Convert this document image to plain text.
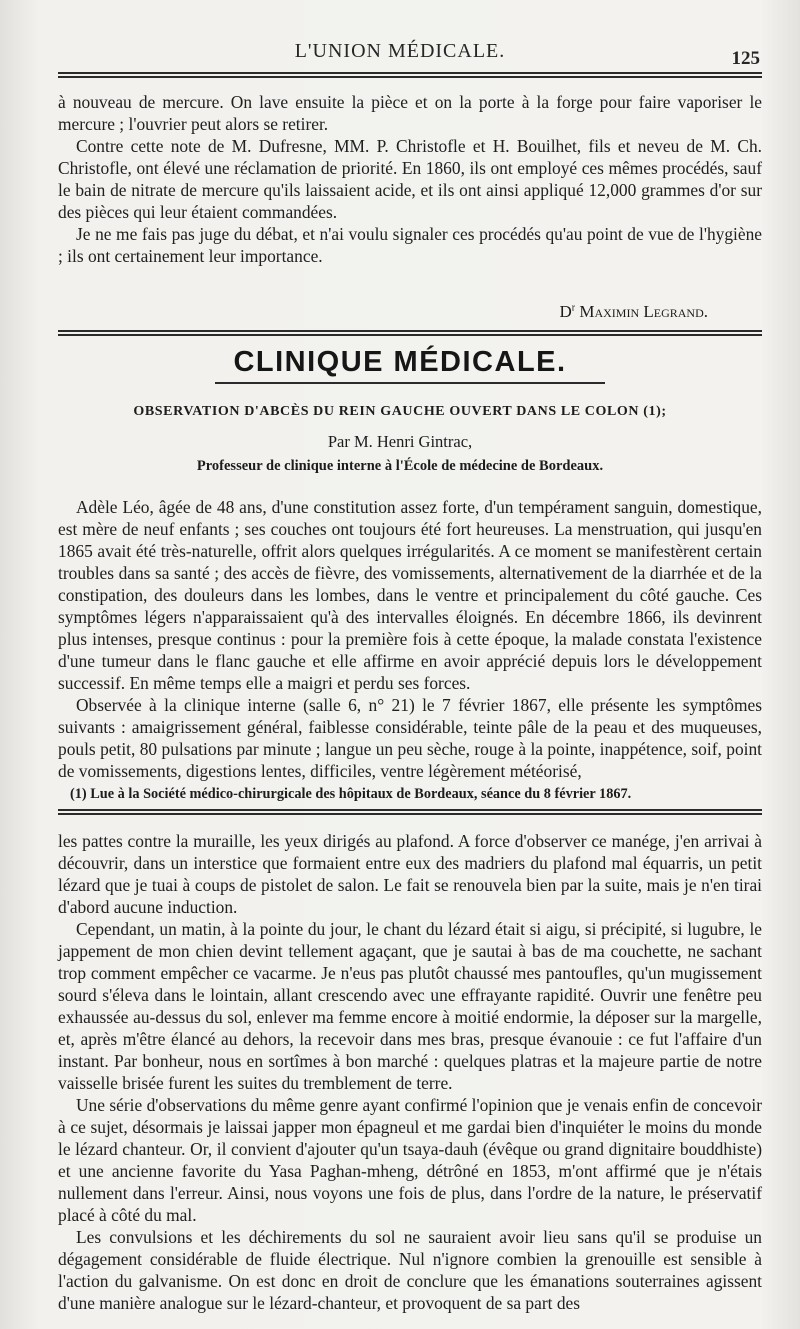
L'UNION MÉDICALE.	125

à nouveau de mercure. On lave ensuite la pièce et on la porte à la forge pour faire vaporiser le mercure ; l'ouvrier peut alors se retirer.

Contre cette note de M. Dufresne, MM. P. Christofle et H. Bouilhet, fils et neveu de M. Ch. Christofle, ont élevé une réclamation de priorité. En 1860, ils ont employé ces mêmes procédés, sauf le bain de nitrate de mercure qu'ils laissaient acide, et ils ont ainsi appliqué 12,000 grammes d'or sur des pièces qui leur étaient commandées.

Je ne me fais pas juge du débat, et n'ai voulu signaler ces procédés qu'au point de vue de l'hygiène ; ils ont certainement leur importance.

$D^r$ Maximin Legrand.
CLINIQUE MÉDICALE.
OBSERVATION D'ABCÈS DU REIN GAUCHE OUVERT DANS LE COLON (1);
Par M. Henri Gintrac,
Professeur de clinique interne à l'École de médecine de Bordeaux.

Adèle Léo, âgée de 48 ans, d'une constitution assez forte, d'un tempérament sanguin, domestique, est mère de neuf enfants ; ses couches ont toujours été fort heureuses. La menstruation, qui jusqu'en 1865 avait été très-naturelle, offrit alors quelques irrégularités. A ce moment se manifestèrent certain troubles dans sa santé ; des accès de fièvre, des vomissements, alternativement de la diarrhée et de la constipation, des douleurs dans les lombes, dans le ventre et principalement du côté gauche. Ces symptômes légers n'apparaissaient qu'à des intervalles éloignés. En décembre 1866, ils devinrent plus intenses, presque continus : pour la première fois à cette époque, la malade constata l'existence d'une tumeur dans le flanc gauche et elle affirme en avoir apprécié depuis lors le développement successif. En même temps elle a maigri et perdu ses forces.

Observée à la clinique interne (salle 6, n° 21) le 7 février 1867, elle présente les symptômes suivants : amaigrissement général, faiblesse considérable, teinte pâle de la peau et des muqueuses, pouls petit, 80 pulsations par minute ; langue un peu sèche, rouge à la pointe, inappétence, soif, point de vomissements, digestions lentes, difficiles, ventre légèrement météorisé,

(1) Lue à la Société médico-chirurgicale des hôpitaux de Bordeaux, séance du 8 février 1867.

les pattes contre la muraille, les yeux dirigés au plafond. A force d'observer ce manége, j'en arrivai à découvrir, dans un interstice que formaient entre eux des madriers du plafond mal équarris, un petit lézard que je tuai à coups de pistolet de salon. Le fait se renouvela bien par la suite, mais je n'en tirai d'abord aucune induction.

Cependant, un matin, à la pointe du jour, le chant du lézard était si aigu, si précipité, si lugubre, le jappement de mon chien devint tellement agaçant, que je sautai à bas de ma couchette, ne sachant trop comment empêcher ce vacarme. Je n'eus pas plutôt chaussé mes pantoufles, qu'un mugissement sourd s'éleva dans le lointain, allant crescendo avec une effrayante rapidité. Ouvrir une fenêtre peu exhaussée au-dessus du sol, enlever ma femme encore à moitié endormie, la déposer sur la margelle, et, après m'être élancé au dehors, la recevoir dans mes bras, presque évanouie : ce fut l'affaire d'un instant. Par bonheur, nous en sortîmes à bon marché : quelques platras et la majeure partie de notre vaisselle brisée furent les suites du tremblement de terre.

Une série d'observations du même genre ayant confirmé l'opinion que je venais enfin de concevoir à ce sujet, désormais je laissai japper mon épagneul et me gardai bien d'inquiéter le moins du monde le lézard chanteur. Or, il convient d'ajouter qu'un tsaya-dauh (évêque ou grand dignitaire bouddhiste) et une ancienne favorite du Yasa Paghan-mheng, détrôné en 1853, m'ont affirmé que je n'étais nullement dans l'erreur. Ainsi, nous voyons une fois de plus, dans l'ordre de la nature, le préservatif placé à côté du mal.

Les convulsions et les déchirements du sol ne sauraient avoir lieu sans qu'il se produise un dégagement considérable de fluide électrique. Nul n'ignore combien la grenouille est sensible à l'action du galvanisme. On est donc en droit de conclure que les émanations souterraines agissent d'une manière analogue sur le lézard-chanteur, et provoquent de sa part des
